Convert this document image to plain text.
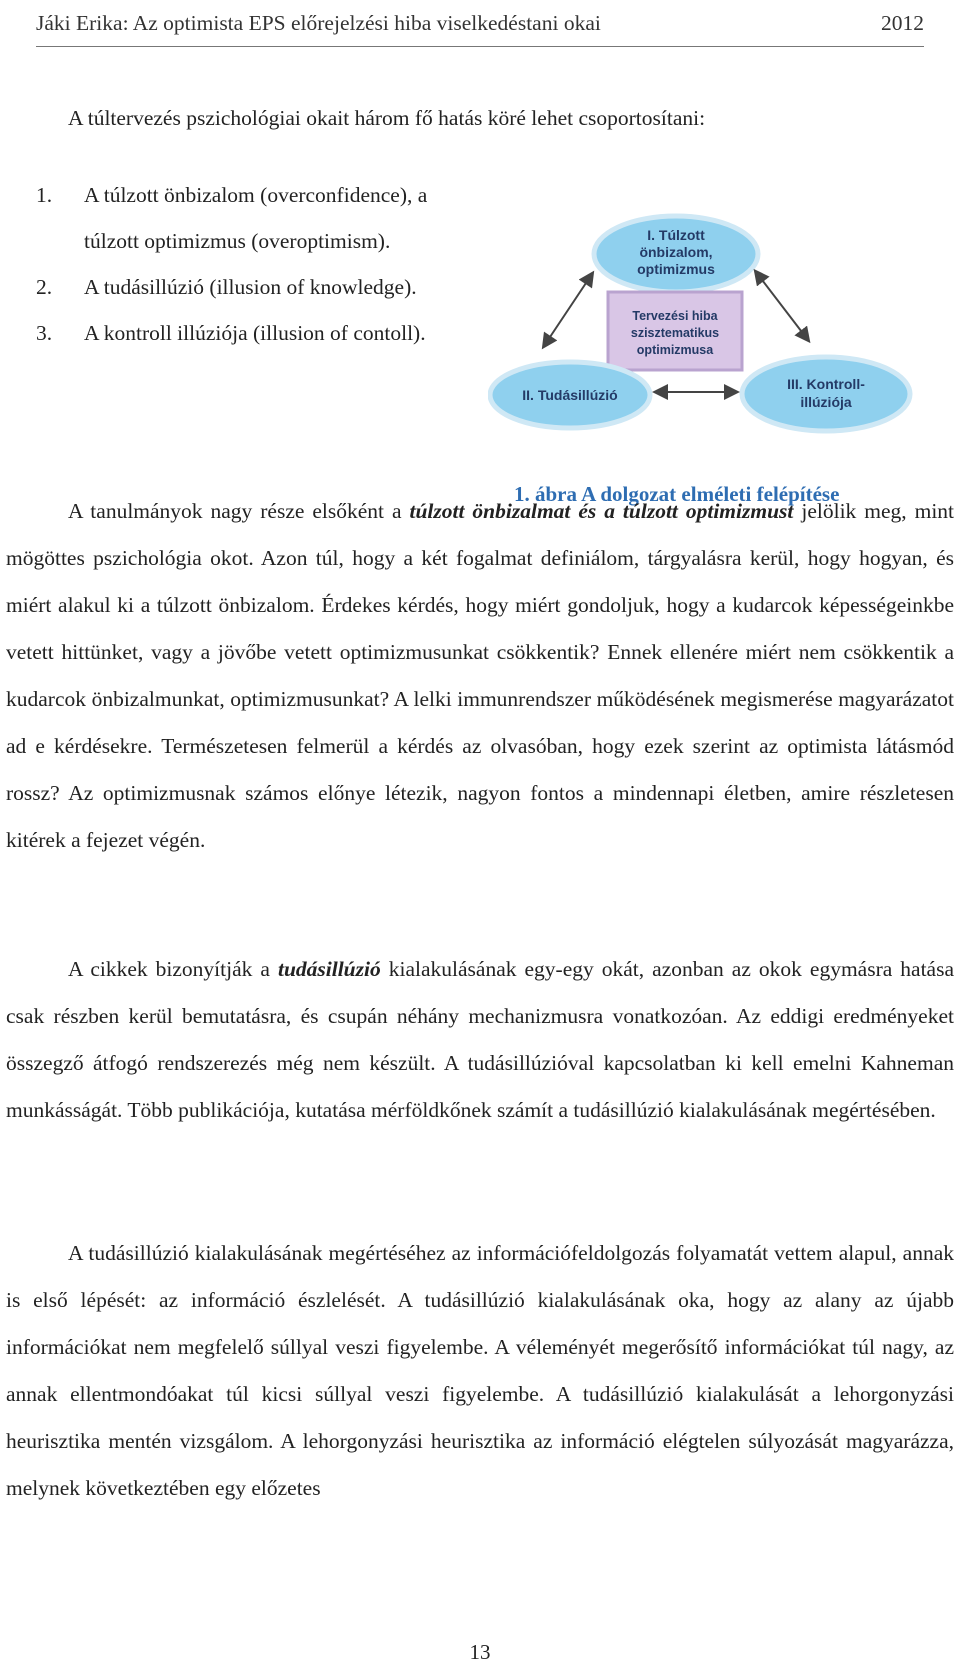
Jáki Erika: Az optimista EPS előrejelzési hiba viselkedéstani okai	2012
A túltervezés pszichológiai okait három fő hatás köré lehet csoportosítani:
1. A túlzott önbizalom (overconfidence), a túlzott optimizmus (overoptimism).
2. A tudásillúzió (illusion of knowledge).
3. A kontroll illúziója (illusion of contoll).
I. Túlzott
önbizalom,
optimizmus
Tervezési hiba
szisztematikus
optimizmusa
II. Tudásillúzió
III. Kontroll-
illúziója
1. ábra A dolgozat elméleti felépítése

A tanulmányok nagy része elsőként a túlzott önbizalmat és a túlzott optimizmust jelölik meg, mint mögöttes pszichológia okot. Azon túl, hogy a két fogalmat definiálom, tárgyalásra kerül, hogy hogyan, és miért alakul ki a túlzott önbizalom. Érdekes kérdés, hogy miért gondoljuk, hogy a kudarcok képességeinkbe vetett hittünket, vagy a jövőbe vetett optimizmusunkat csökkentik? Ennek ellenére miért nem csökkentik a kudarcok önbizalmunkat, optimizmusunkat? A lelki immunrendszer működésének megismerése magyarázatot ad e kérdésekre. Természetesen felmerül a kérdés az olvasóban, hogy ezek szerint az optimista látásmód rossz? Az optimizmusnak számos előnye létezik, nagyon fontos a mindennapi életben, amire részletesen kitérek a fejezet végén.

A cikkek bizonyítják a tudásillúzió kialakulásának egy-egy okát, azonban az okok egymásra hatása csak részben kerül bemutatásra, és csupán néhány mechanizmusra vonatkozóan. Az eddigi eredményeket összegző átfogó rendszerezés még nem készült. A tudásillúzióval kapcsolatban ki kell emelni Kahneman munkásságát. Több publikációja, kutatása mérföldkőnek számít a tudásillúzió kialakulásának megértésében.

A tudásillúzió kialakulásának megértéséhez az információfeldolgozás folyamatát vettem alapul, annak is első lépését: az információ észlelését. A tudásillúzió kialakulásának oka, hogy az alany az újabb információkat nem megfelelő súllyal veszi figyelembe. A véleményét megerősítő információkat túl nagy, az annak ellentmondóakat túl kicsi súllyal veszi figyelembe. A tudásillúzió kialakulását a lehorgonyzási heurisztika mentén vizsgálom. A lehorgonyzási heurisztika az információ elégtelen súlyozását magyarázza, melynek következtében egy előzetes

13
